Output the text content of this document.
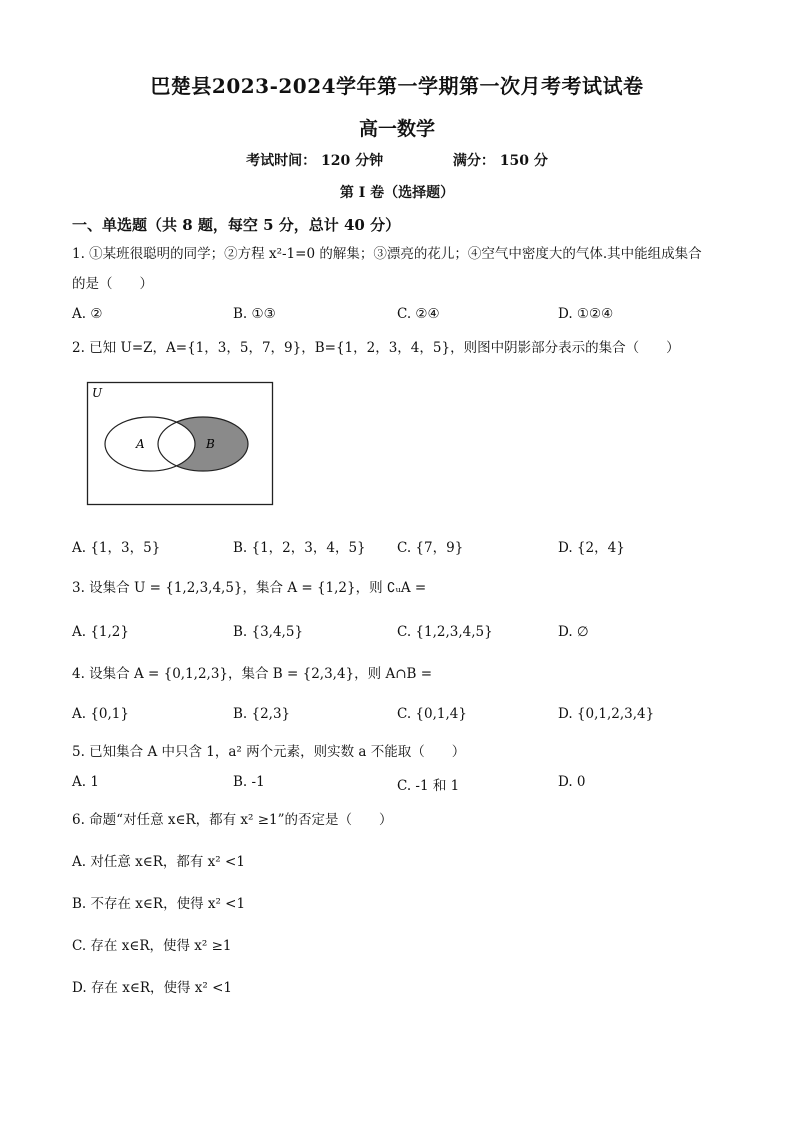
巴楚县2023-2024学年第一学期第一次月考考试试卷
高一数学
考试时间： 120 分钟	满分： 150 分
第 I 卷（选择题）
一、单选题（共 8 题，每空 5 分，总计 40 分）
1. ①某班很聪明的同学；②方程 x²-1=0 的解集；③漂亮的花儿；④空气中密度大的气体.其中能组成集合
的是（　　）
A. ②	B. ①③	C. ②④	D. ①②④
2. 已知 U=Z，A={1，3，5，7，9}，B={1，2，3，4，5}，则图中阴影部分表示的集合（　　）
U
A	B
A. {1，3，5}	B. {1，2，3，4，5} C. {7，9}	D. {2，4}
3. 设集合 U = {1,2,3,4,5}，集合 A = {1,2}，则 ∁ᵤA =
A. {1,2}	B. {3,4,5}	C. {1,2,3,4,5}	D. ∅
4. 设集合 A = {0,1,2,3}，集合 B = {2,3,4}，则 A∩B =
A. {0,1}	B. {2,3}	C. {0,1,4}	D. {0,1,2,3,4}
5. 已知集合 A 中只含 1，a² 两个元素，则实数 a 不能取（　　）
A. 1	B. -1	C. -1 和 1	D. 0
6. 命题“对任意 x∈R，都有 x² ≥1”的否定是（　　）
A. 对任意 x∈R，都有 x² <1
B. 不存在 x∈R，使得 x² <1
C. 存在 x∈R，使得 x² ≥1
D. 存在 x∈R，使得 x² <1
